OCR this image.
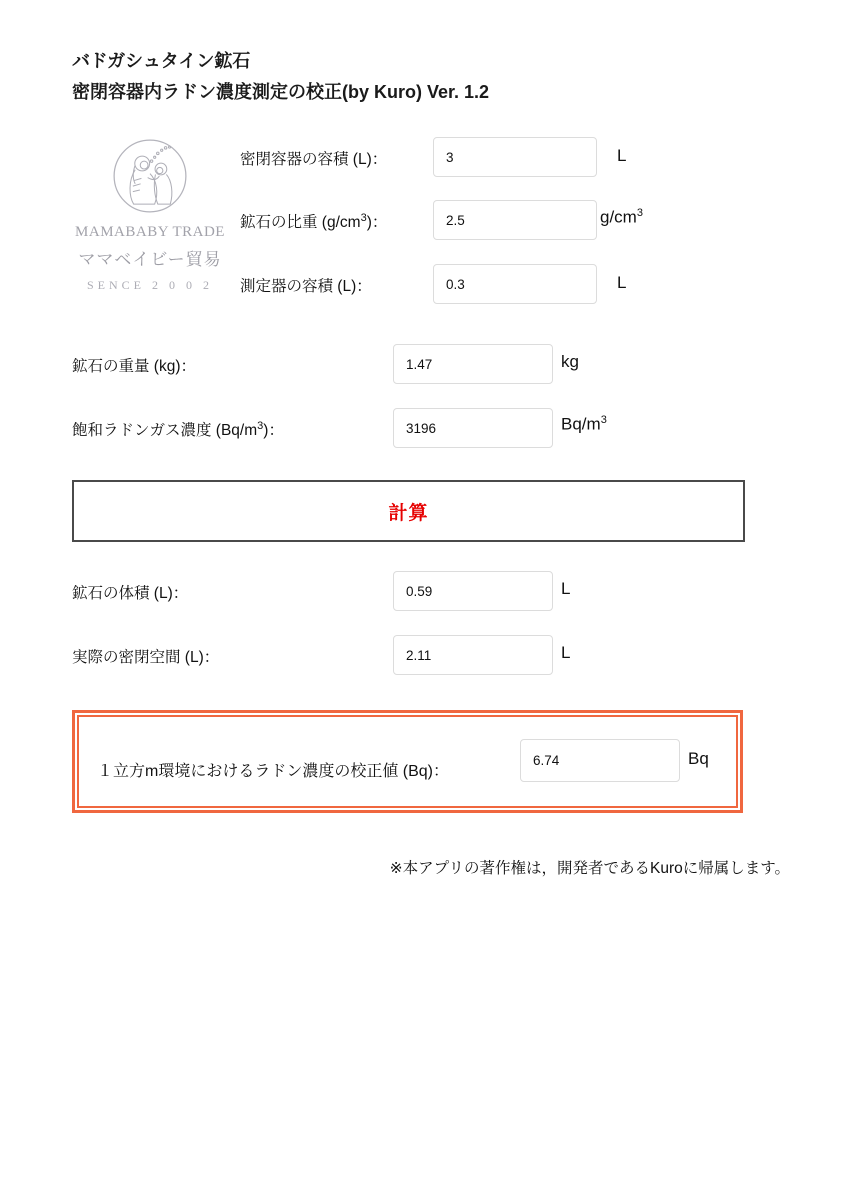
バドガシュタイン鉱石
密閉容器内ラドン濃度測定の校正(by Kuro) Ver. 1.2
MAMABABY TRADE
ママベイビー貿易
SENCE 2 0 0 2
密閉容器の容積 (L)：
3	L
鉱石の比重 $(g/cm^3)$：
2.5	$g/cm^3$
測定器の容積 (L)：
0.3	L
鉱石の重量 (kg)：
1.47	kg
飽和ラドンガス濃度 $(Bq/m^3)$：
3196	$Bq/m^3$
計算
鉱石の体積 (L)：
0.59	L
実際の密閉空間 (L)：
2.11	L
１立方m環境におけるラドン濃度の校正値 (Bq)：
6.74
Bq
※本アプリの著作権は，開発者であるKuroに帰属します。
